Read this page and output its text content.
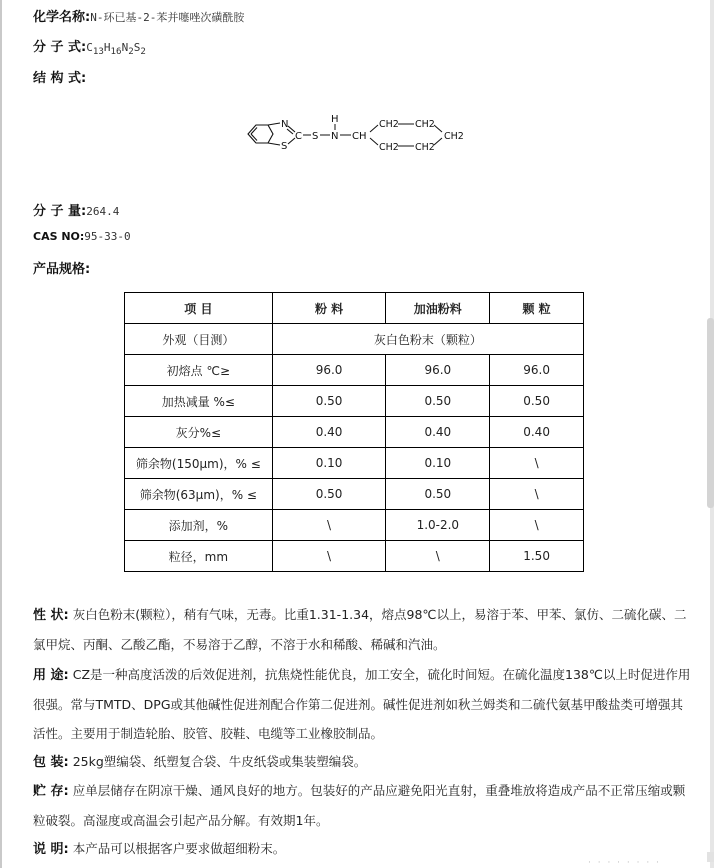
· · · · · · · ·
化学名称:N-环已基-2-苯并噻唑次磺酰胺
分 子 式$:C_{13}H_{16}N_2S_2$
结 构 式:
N
S
C S N
H
CH
CH2 CH2
CH2 CH2
CH2
分 子 量:264.4
CAS NO:95-33-0
产品规格:
项 目	粉 料	加油粉料	颗 粒
外观（目测）	灰白色粉末（颗粒）		
初熔点 ℃≥	96.0	96.0	96.0
加热减量 %≤	0.50	0.50	0.50
灰分%≤	0.40	0.40	0.40
筛余物(150μm)，% ≤	0.10	0.10	\
筛余物(63μm)，% ≤	0.50	0.50	\
添加剂，%	\	1.0-2.0	\
粒径，mm	\	\	1.50
性 状: 灰白色粉末(颗粒），稍有气味，无毒。比重1.31-1.34，熔点98℃以上，易溶于苯、甲苯、氯仿、二硫化碳、二氯甲烷、丙酮、乙酸乙酯，不易溶于乙醇，不溶于水和稀酸、稀碱和汽油。
用 途: CZ是一种高度活泼的后效促进剂，抗焦烧性能优良，加工安全，硫化时间短。在硫化温度138℃以上时促进作用很强。常与TMTD、DPG或其他碱性促进剂配合作第二促进剂。碱性促进剂如秋兰姆类和二硫代氨基甲酸盐类可增强其活性。主要用于制造轮胎、胶管、胶鞋、电缆等工业橡胶制品。
包 装: 25kg塑编袋、纸塑复合袋、牛皮纸袋或集装塑编袋。
贮 存: 应单层储存在阴凉干燥、通风良好的地方。包装好的产品应避免阳光直射，重叠堆放将造成产品不正常压缩或颗粒破裂。高湿度或高温会引起产品分解。有效期1年。
说 明: 本产品可以根据客户要求做超细粉末。
